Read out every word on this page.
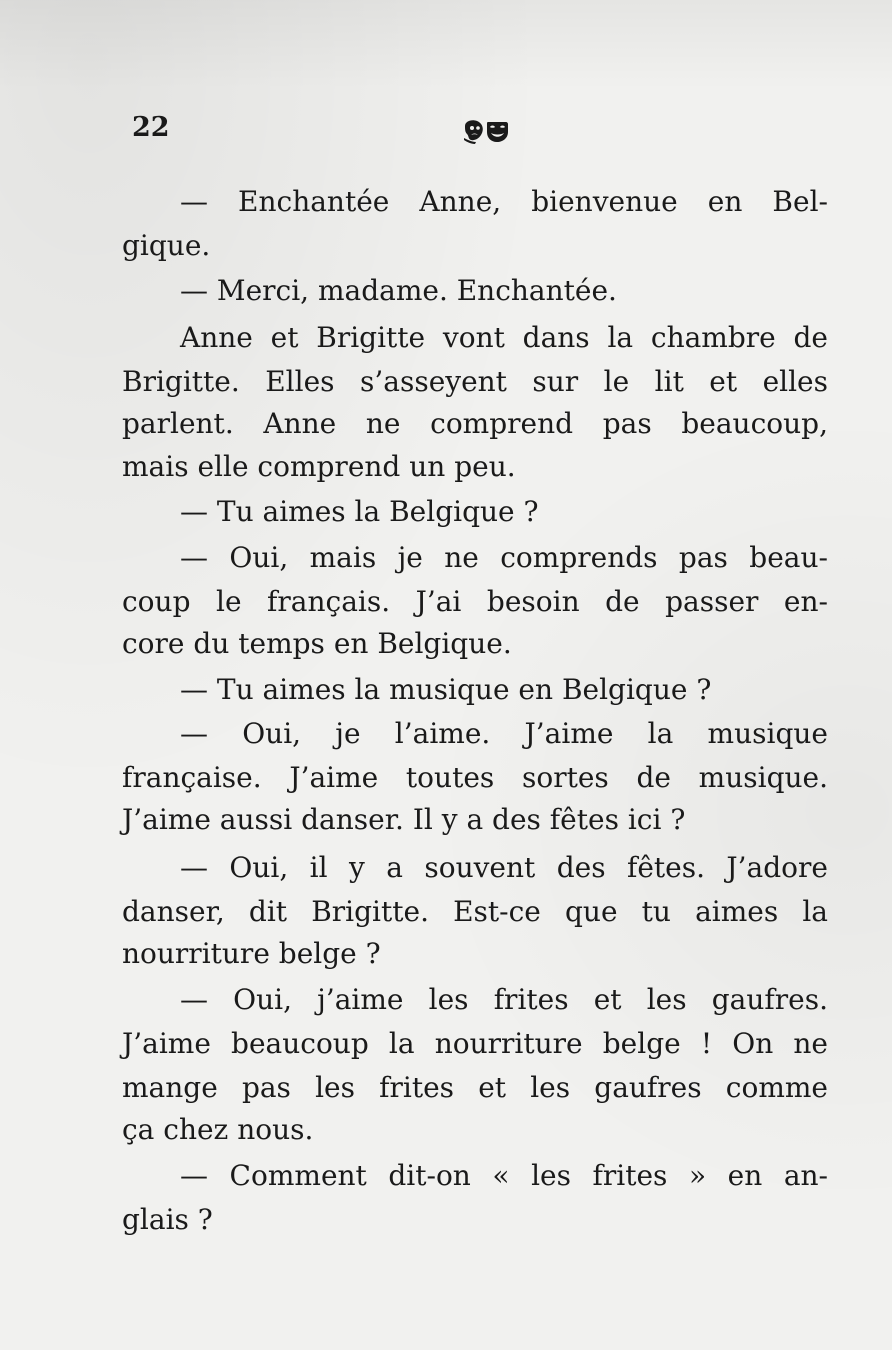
22
— Enchantée Anne, bienvenue en Bel-
gique.
— Merci, madame. Enchantée.
Anne et Brigitte vont dans la chambre de
Brigitte. Elles s’asseyent sur le lit et elles
parlent. Anne ne comprend pas beaucoup,
mais elle comprend un peu.
— Tu aimes la Belgique ?
— Oui, mais je ne comprends pas beau-
coup le français. J’ai besoin de passer en-
core du temps en Belgique.
— Tu aimes la musique en Belgique ?
— Oui, je l’aime. J’aime la musique
française. J’aime toutes sortes de musique.
J’aime aussi danser. Il y a des fêtes ici ?
— Oui, il y a souvent des fêtes. J’adore
danser, dit Brigitte. Est-ce que tu aimes la
nourriture belge ?
— Oui, j’aime les frites et les gaufres.
J’aime beaucoup la nourriture belge ! On ne
mange pas les frites et les gaufres comme
ça chez nous.
— Comment dit-on « les frites » en an-
glais ?
